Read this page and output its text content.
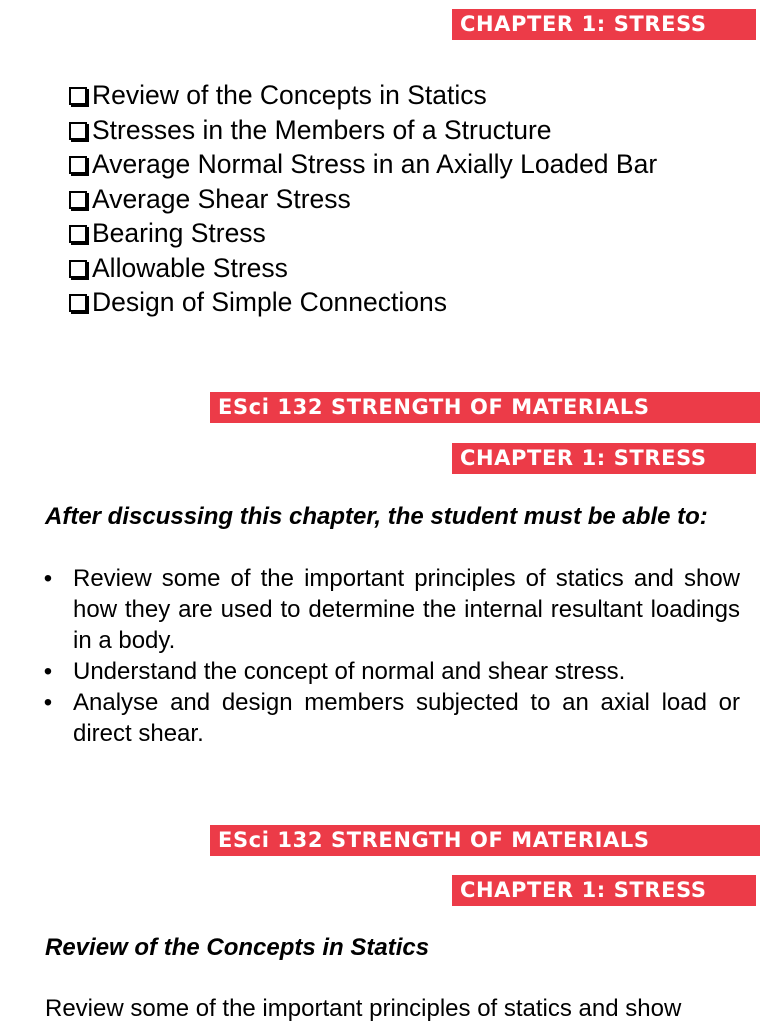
CHAPTER 1: STRESS
Review of the Concepts in Statics
Stresses in the Members of a Structure
Average Normal Stress in an Axially Loaded Bar
Average Shear Stress
Bearing Stress
Allowable Stress
Design of Simple Connections
ESci 132 STRENGTH OF MATERIALS
CHAPTER 1: STRESS
After discussing this chapter, the student must be able to:
• Review some of the important principles of statics and show how they are used to determine the internal resultant loadings in a body.
• Understand the concept of normal and shear stress.
• Analyse and design members subjected to an axial load or direct shear.
ESci 132 STRENGTH OF MATERIALS
CHAPTER 1: STRESS
Review of the Concepts in Statics
Review some of the important principles of statics and show
